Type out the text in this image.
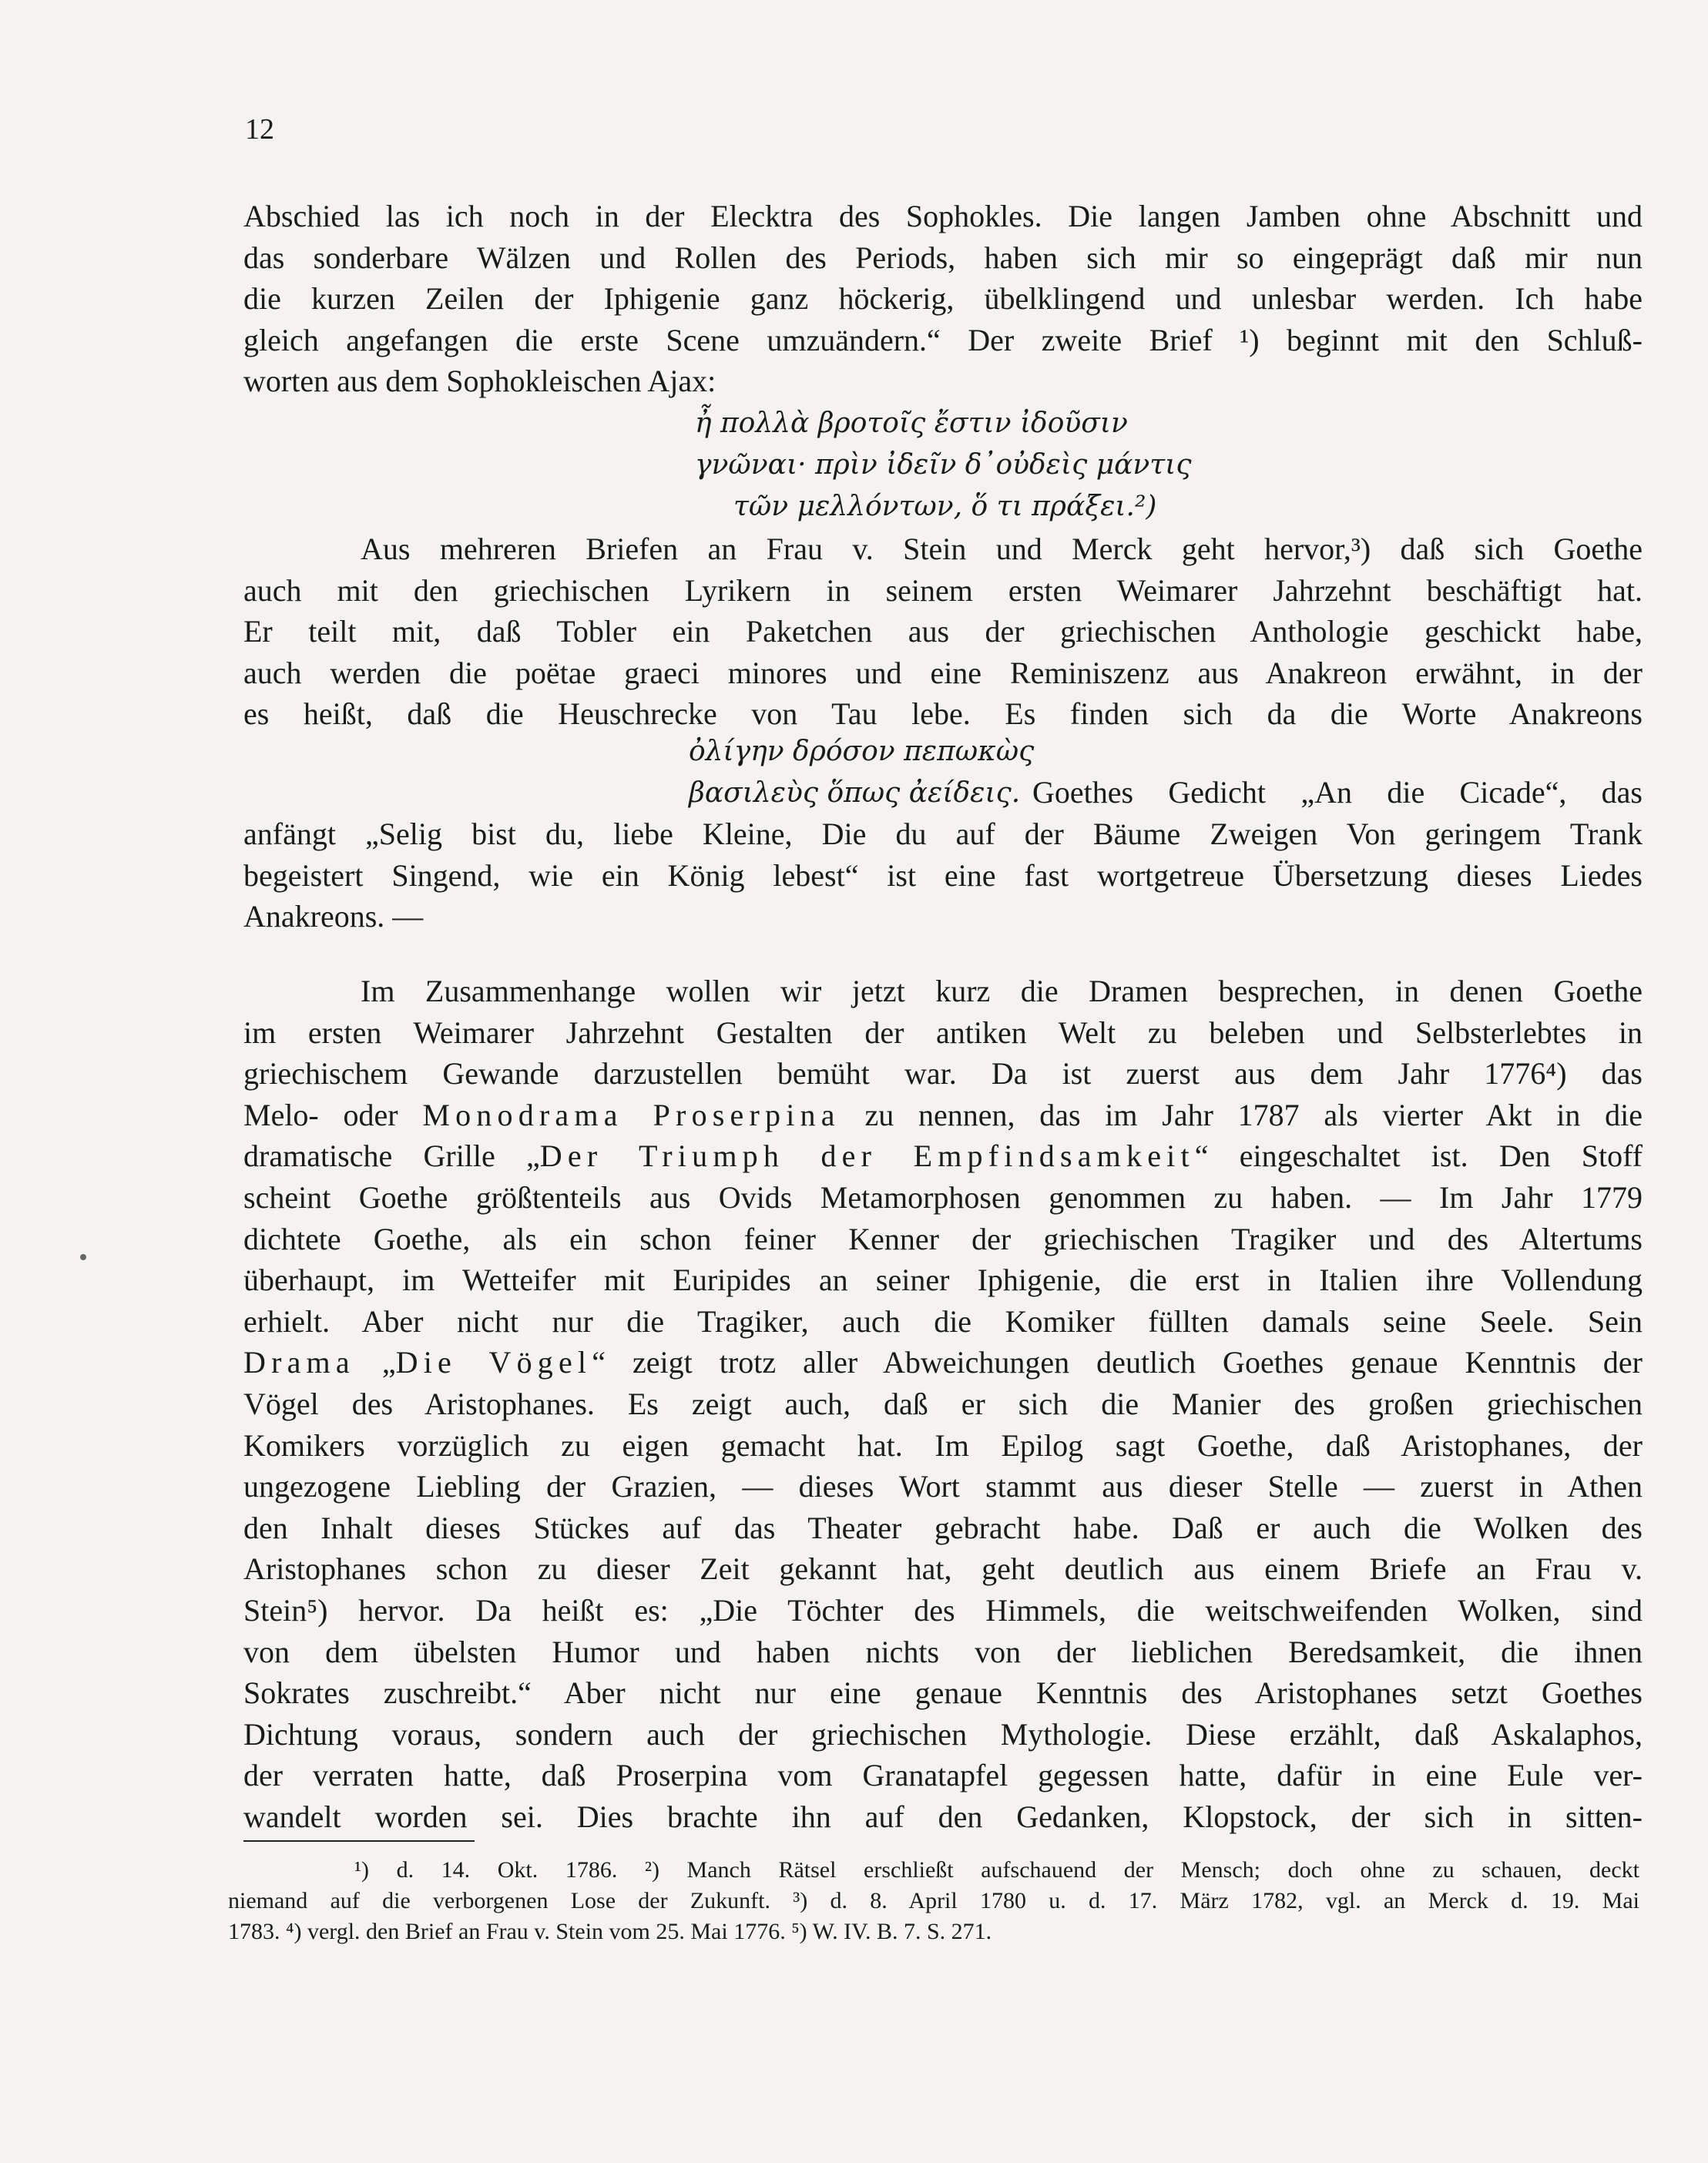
12
Abschied las ich noch in der Elecktra des Sophokles. Die langen Jamben ohne Abschnitt und
das sonderbare Wälzen und Rollen des Periods, haben sich mir so eingeprägt daß mir nun
die kurzen Zeilen der Iphigenie ganz höckerig, übelklingend und unlesbar werden. Ich habe
gleich angefangen die erste Scene umzuändern.“ Der zweite Brief ¹) beginnt mit den Schluß-
worten aus dem Sophokleischen Ajax:
ἦ πολλὰ βροτοῖς ἔστιν ἰδοῦσιν
γνῶναι· πρὶν ἰδεῖν δ᾽οὐδεὶς μάντις
τῶν μελλόντων, ὅ τι πράξει.²)
Aus mehreren Briefen an Frau v. Stein und Merck geht hervor,³) daß sich Goethe
auch mit den griechischen Lyrikern in seinem ersten Weimarer Jahrzehnt beschäftigt hat.
Er teilt mit, daß Tobler ein Paketchen aus der griechischen Anthologie geschickt habe,
auch werden die poëtae graeci minores und eine Reminiszenz aus Anakreon erwähnt, in der
es heißt, daß die Heuschrecke von Tau lebe. Es finden sich da die Worte Anakreons
ὀλίγην δρόσον πεπωκὼς
βασιλεὺς ὅπως ἀείδεις. Goethes Gedicht „An die Cicade“, das
anfängt „Selig bist du, liebe Kleine, Die du auf der Bäume Zweigen Von geringem Trank
begeistert Singend, wie ein König lebest“ ist eine fast wortgetreue Übersetzung dieses Liedes
Anakreons. —
Im Zusammenhange wollen wir jetzt kurz die Dramen besprechen, in denen Goethe
im ersten Weimarer Jahrzehnt Gestalten der antiken Welt zu beleben und Selbsterlebtes in
griechischem Gewande darzustellen bemüht war. Da ist zuerst aus dem Jahr 1776⁴) das
Melo- oder Monodrama Proserpina zu nennen, das im Jahr 1787 als vierter Akt in die
dramatische Grille „Der Triumph der Empfindsamkeit“ eingeschaltet ist. Den Stoff
scheint Goethe größtenteils aus Ovids Metamorphosen genommen zu haben. — Im Jahr 1779
dichtete Goethe, als ein schon feiner Kenner der griechischen Tragiker und des Altertums
überhaupt, im Wetteifer mit Euripides an seiner Iphigenie, die erst in Italien ihre Vollendung
erhielt. Aber nicht nur die Tragiker, auch die Komiker füllten damals seine Seele. Sein
Drama „Die Vögel“ zeigt trotz aller Abweichungen deutlich Goethes genaue Kenntnis der
Vögel des Aristophanes. Es zeigt auch, daß er sich die Manier des großen griechischen
Komikers vorzüglich zu eigen gemacht hat. Im Epilog sagt Goethe, daß Aristophanes, der
ungezogene Liebling der Grazien, — dieses Wort stammt aus dieser Stelle — zuerst in Athen
den Inhalt dieses Stückes auf das Theater gebracht habe. Daß er auch die Wolken des
Aristophanes schon zu dieser Zeit gekannt hat, geht deutlich aus einem Briefe an Frau v.
Stein⁵) hervor. Da heißt es: „Die Töchter des Himmels, die weitschweifenden Wolken, sind
von dem übelsten Humor und haben nichts von der lieblichen Beredsamkeit, die ihnen
Sokrates zuschreibt.“ Aber nicht nur eine genaue Kenntnis des Aristophanes setzt Goethes
Dichtung voraus, sondern auch der griechischen Mythologie. Diese erzählt, daß Askalaphos,
der verraten hatte, daß Proserpina vom Granatapfel gegessen hatte, dafür in eine Eule ver-
wandelt worden sei. Dies brachte ihn auf den Gedanken, Klopstock, der sich in sitten-
¹) d. 14. Okt. 1786. ²) Manch Rätsel erschließt aufschauend der Mensch; doch ohne zu schauen, deckt
niemand auf die verborgenen Lose der Zukunft. ³) d. 8. April 1780 u. d. 17. März 1782, vgl. an Merck d. 19. Mai
1783. ⁴) vergl. den Brief an Frau v. Stein vom 25. Mai 1776. ⁵) W. IV. B. 7. S. 271.
